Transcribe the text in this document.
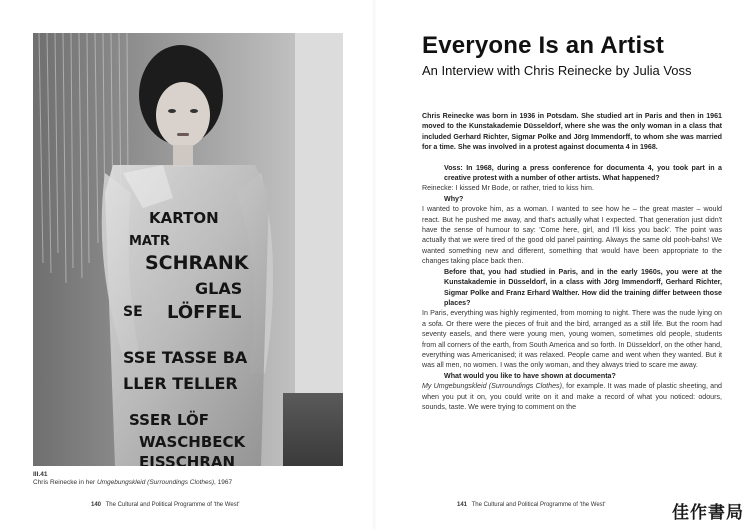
KARTON
MATR
SCHRANK
GLAS
SE LÖFFEL
SSE TASSE BA
LLER TELLER
SSER LÖF
WASCHBECK
EISSCHRAN
III.41
Chris Reinecke in her Umgebungskleid (Surroundings Clothes), 1967
140 The Cultural and Political Programme of 'the West'
Everyone Is an Artist
An Interview with Chris Reinecke by Julia Voss

Chris Reinecke was born in 1936 in Potsdam. She studied art in Paris and then in 1961 moved to the Kunstakademie Düsseldorf, where she was the only woman in a class that included Gerhard Richter, Sigmar Polke and Jörg Immendorff, to whom she was married for a time. She was involved in a protest against documenta 4 in 1968.

Voss: In 1968, during a press conference for documenta 4, you took part in a creative protest with a number of other artists. What happened?

Reinecke: I kissed Mr Bode, or rather, tried to kiss him.

Why?

I wanted to provoke him, as a woman. I wanted to see how he – the great master – would react. But he pushed me away, and that's actually what I expected. That generation just didn't have the sense of humour to say: 'Come here, girl, and I'll kiss you back'. The point was actually that we were tired of the good old panel painting. Always the same old pooh-bahs! We wanted something new and different, something that would have been appropriate to the changes taking place back then.

Before that, you had studied in Paris, and in the early 1960s, you were at the Kunstakademie in Düsseldorf, in a class with Jörg Immendorff, Gerhard Richter, Sigmar Polke and Franz Erhard Walther. How did the training differ between those places?

In Paris, everything was highly regimented, from morning to night. There was the nude lying on a sofa. Or there were the pieces of fruit and the bird, arranged as a still life. But the room had seventy easels, and there were young men, young women, sometimes old people, students from all corners of the earth, from South America and so forth. In Düsseldorf, on the other hand, everything was Americanised; it was relaxed. People came and went when they wanted. But it was all men, no women. I was the only woman, and they always tried to scare me away.

What would you like to have shown at documenta?

My Umgebungskleid (Surroundings Clothes), for example. It was made of plastic sheeting, and when you put it on, you could write on it and make a record of what you noticed: odours, sounds, taste. We were trying to comment on the

141 The Cultural and Political Programme of 'the West'	佳作書局
